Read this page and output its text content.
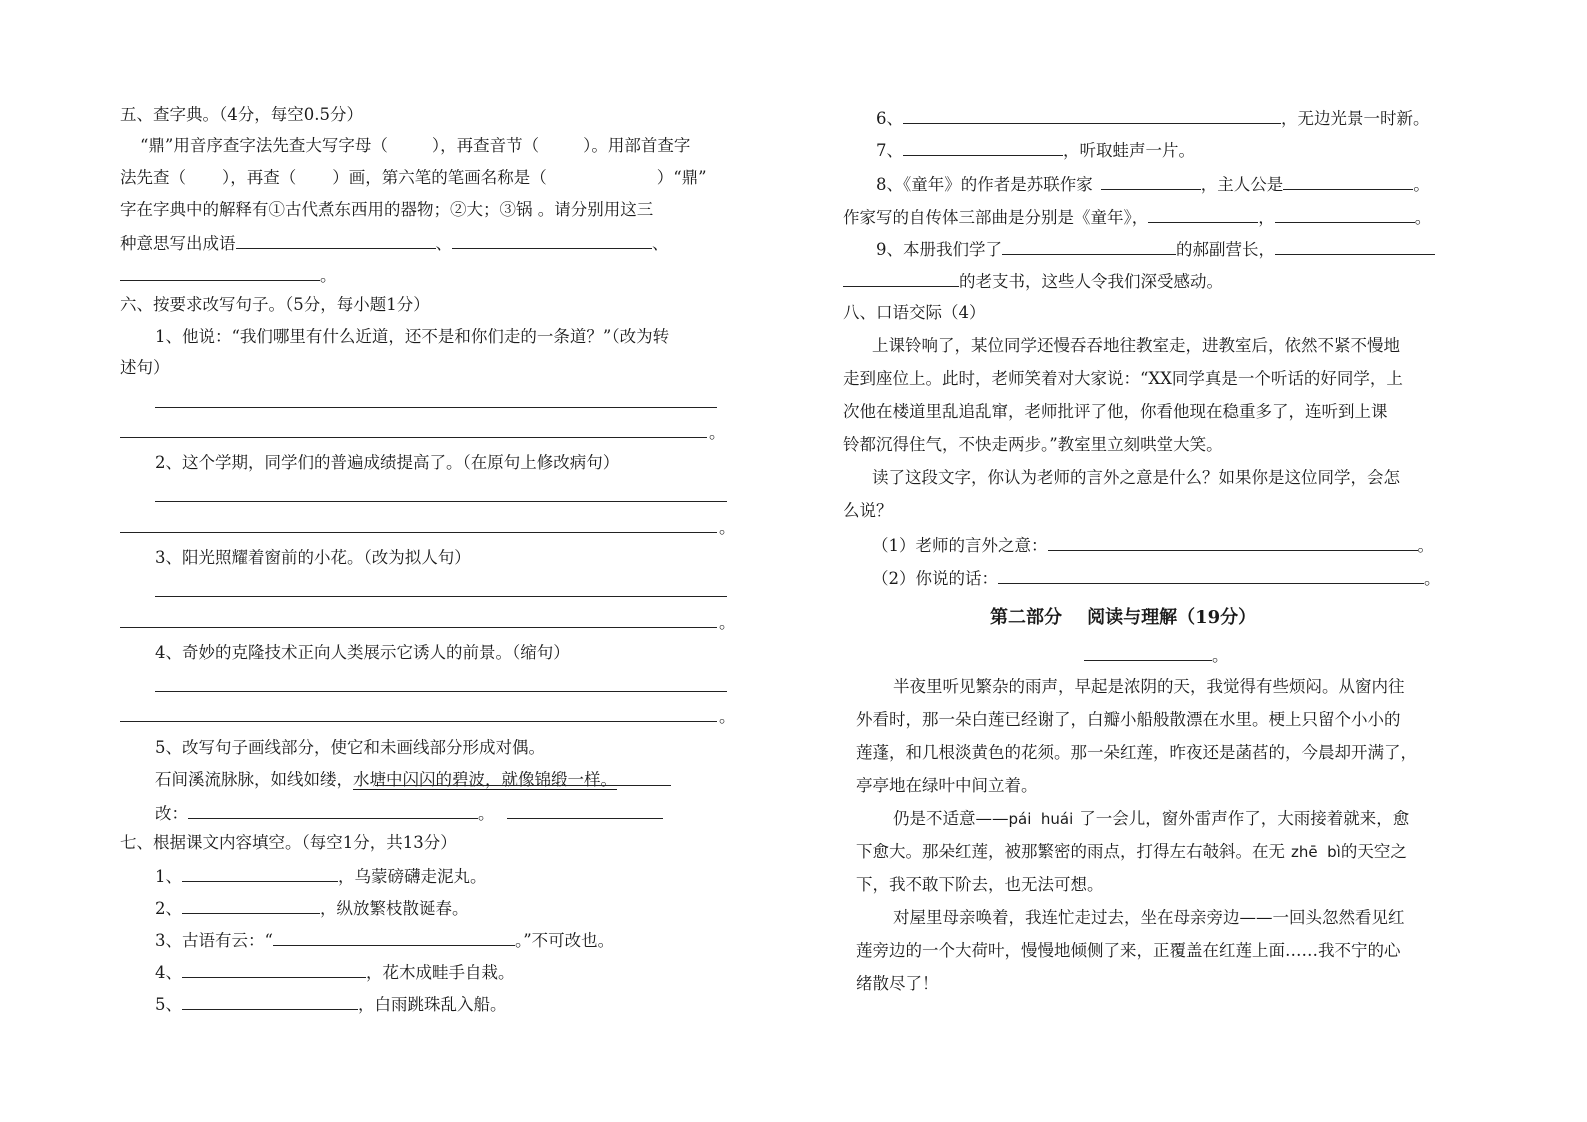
五、查字典。（4分，每空0.5分）
“鼎”用音序查字法先查大写字母（	），再查音节（	）。用部首查字
法先查（ ），再查（ ）画，第六笔的笔画名称是（	）“鼎”
字在字典中的解释有①古代煮东西用的器物；②大；③锅 。请分别用这三
种意思写出成语	、	、
。
六、按要求改写句子。（5分，每小题1分）
1、他说：“我们哪里有什么近道，还不是和你们走的一条道？”（改为转
述句）
。
2、这个学期，同学们的普遍成绩提高了。（在原句上修改病句）
。
3、阳光照耀着窗前的小花。（改为拟人句）
。
4、奇妙的克隆技术正向人类展示它诱人的前景。（缩句）
。
5、改写句子画线部分，使它和未画线部分形成对偶。
石间溪流脉脉，如线如缕，水塘中闪闪的碧波，就像锦缎一样。
改：	。
七、根据课文内容填空。（每空1分，共13分）
1、	，乌蒙磅礴走泥丸。
2、	，纵放繁枝散诞春。
3、古语有云：“	。”不可改也。
4、	，花木成畦手自栽。
5、	，白雨跳珠乱入船。
6、	，无边光景一时新。
7、	，听取蛙声一片。
8、《童年》的作者是苏联作家	，主人公是	。
作家写的自传体三部曲是分别是《童年》，	，	。
9、本册我们学了	的郝副营长，
的老支书，这些人令我们深受感动。
八、口语交际（4）
上课铃响了，某位同学还慢吞吞地往教室走，进教室后，依然不紧不慢地
走到座位上。此时，老师笑着对大家说：“XX同学真是一个听话的好同学，上
次他在楼道里乱追乱窜，老师批评了他，你看他现在稳重多了，连听到上课
铃都沉得住气，不快走两步。”教室里立刻哄堂大笑。
读了这段文字，你认为老师的言外之意是什么？如果你是这位同学，会怎
么说？
（1）老师的言外之意：	。
（2）你说的话：	。
第二部分    阅读与理解（19分）
。
半夜里听见繁杂的雨声，早起是浓阴的天，我觉得有些烦闷。从窗内往
外看时，那一朵白莲已经谢了，白瓣小船般散漂在水里。梗上只留个小小的
莲蓬，和几根淡黄色的花须。那一朵红莲，昨夜还是菡萏的，今晨却开满了，
亭亭地在绿叶中间立着。
仍是不适意——pái  huái 了一会儿，窗外雷声作了，大雨接着就来，愈
下愈大。那朵红莲，被那繁密的雨点，打得左右攲斜。在无 zhē  bì的天空之
下，我不敢下阶去，也无法可想。
对屋里母亲唤着，我连忙走过去，坐在母亲旁边——一回头忽然看见红
莲旁边的一个大荷叶，慢慢地倾侧了来，正覆盖在红莲上面……我不宁的心
绪散尽了！
